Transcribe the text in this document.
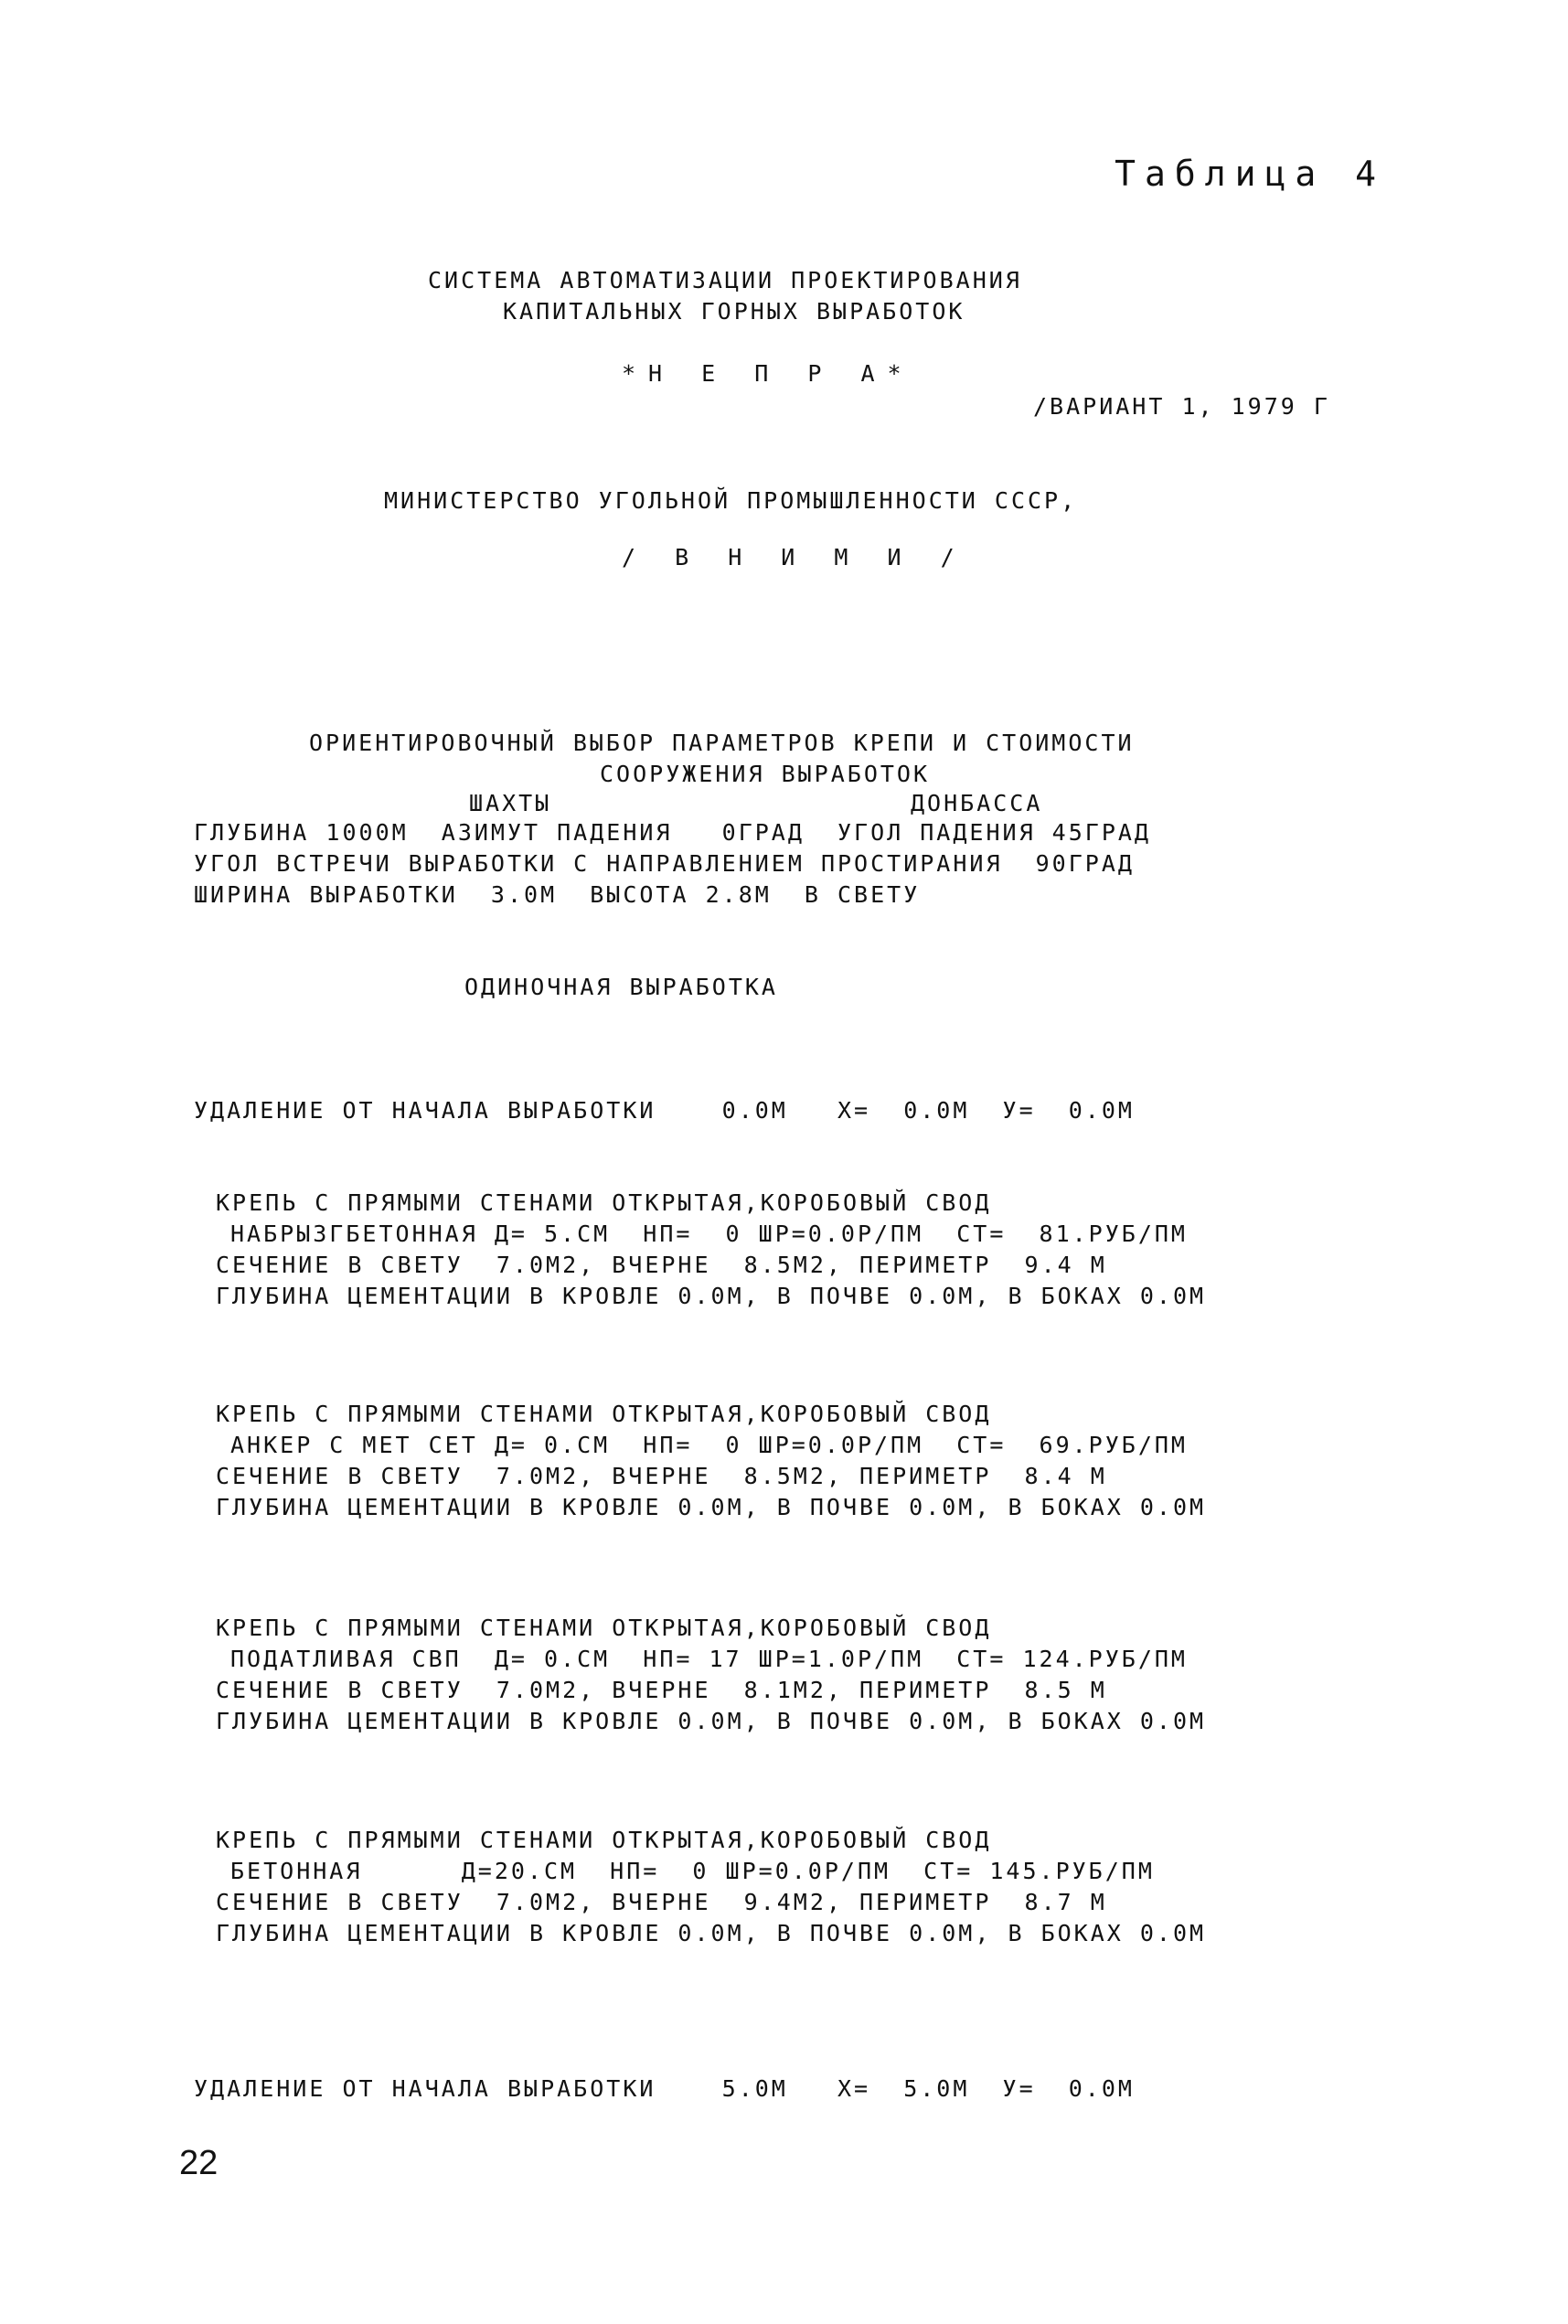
Таблица 4
СИСТЕМА АВТОМАТИЗАЦИИ ПРОЕКТИРОВАНИЯ
КАПИТАЛЬНЫХ ГОРНЫХ ВЫРАБОТОК
*Н Е П Р А*
/ВАРИАНТ 1, 1979 Г
МИНИСТЕРСТВО УГОЛЬНОЙ ПРОМЫШЛЕННОСТИ СССР,
/ В Н И М И /
ОРИЕНТИРОВОЧНЫЙ ВЫБОР ПАРАМЕТРОВ КРЕПИ И СТОИМОСТИ
СООРУЖЕНИЯ ВЫРАБОТОК
ШАХТЫ	ДОНБАССА
ГЛУБИНА 1000М  АЗИМУТ ПАДЕНИЯ   0ГРАД  УГОЛ ПАДЕНИЯ 45ГРАД
УГОЛ ВСТРЕЧИ ВЫРАБОТКИ С НАПРАВЛЕНИЕМ ПРОСТИРАНИЯ  90ГРАД
ШИРИНА ВЫРАБОТКИ  3.0М  ВЫСОТА 2.8М  В СВЕТУ
ОДИНОЧНАЯ ВЫРАБОТКА
УДАЛЕНИЕ ОТ НАЧАЛА ВЫРАБОТКИ    0.0М   Х=  0.0М  У=  0.0М
КРЕПЬ С ПРЯМЫМИ СТЕНАМИ ОТКРЫТАЯ,КОРОБОВЫЙ СВОД
НАБРЫЗГБЕТОННАЯ Д= 5.СМ  НП=  0 ШР=0.0Р/ПМ  СТ=  81.РУБ/ПМ
СЕЧЕНИЕ В СВЕТУ  7.0М2, ВЧЕРНЕ  8.5М2, ПЕРИМЕТР  9.4 М
ГЛУБИНА ЦЕМЕНТАЦИИ В КРОВЛЕ 0.0М, В ПОЧВЕ 0.0М, В БОКАХ 0.0М
КРЕПЬ С ПРЯМЫМИ СТЕНАМИ ОТКРЫТАЯ,КОРОБОВЫЙ СВОД
АНКЕР С МЕТ СЕТ Д= 0.СМ  НП=  0 ШР=0.0Р/ПМ  СТ=  69.РУБ/ПМ
СЕЧЕНИЕ В СВЕТУ  7.0М2, ВЧЕРНЕ  8.5М2, ПЕРИМЕТР  8.4 М
ГЛУБИНА ЦЕМЕНТАЦИИ В КРОВЛЕ 0.0М, В ПОЧВЕ 0.0М, В БОКАХ 0.0М
КРЕПЬ С ПРЯМЫМИ СТЕНАМИ ОТКРЫТАЯ,КОРОБОВЫЙ СВОД
ПОДАТЛИВАЯ СВП  Д= 0.СМ  НП= 17 ШР=1.0Р/ПМ  СТ= 124.РУБ/ПМ
СЕЧЕНИЕ В СВЕТУ  7.0М2, ВЧЕРНЕ  8.1М2, ПЕРИМЕТР  8.5 М
ГЛУБИНА ЦЕМЕНТАЦИИ В КРОВЛЕ 0.0М, В ПОЧВЕ 0.0М, В БОКАХ 0.0М
КРЕПЬ С ПРЯМЫМИ СТЕНАМИ ОТКРЫТАЯ,КОРОБОВЫЙ СВОД
БЕТОННАЯ      Д=20.СМ  НП=  0 ШР=0.0Р/ПМ  СТ= 145.РУБ/ПМ
СЕЧЕНИЕ В СВЕТУ  7.0М2, ВЧЕРНЕ  9.4М2, ПЕРИМЕТР  8.7 М
ГЛУБИНА ЦЕМЕНТАЦИИ В КРОВЛЕ 0.0М, В ПОЧВЕ 0.0М, В БОКАХ 0.0М
УДАЛЕНИЕ ОТ НАЧАЛА ВЫРАБОТКИ    5.0М   Х=  5.0М  У=  0.0М
22
